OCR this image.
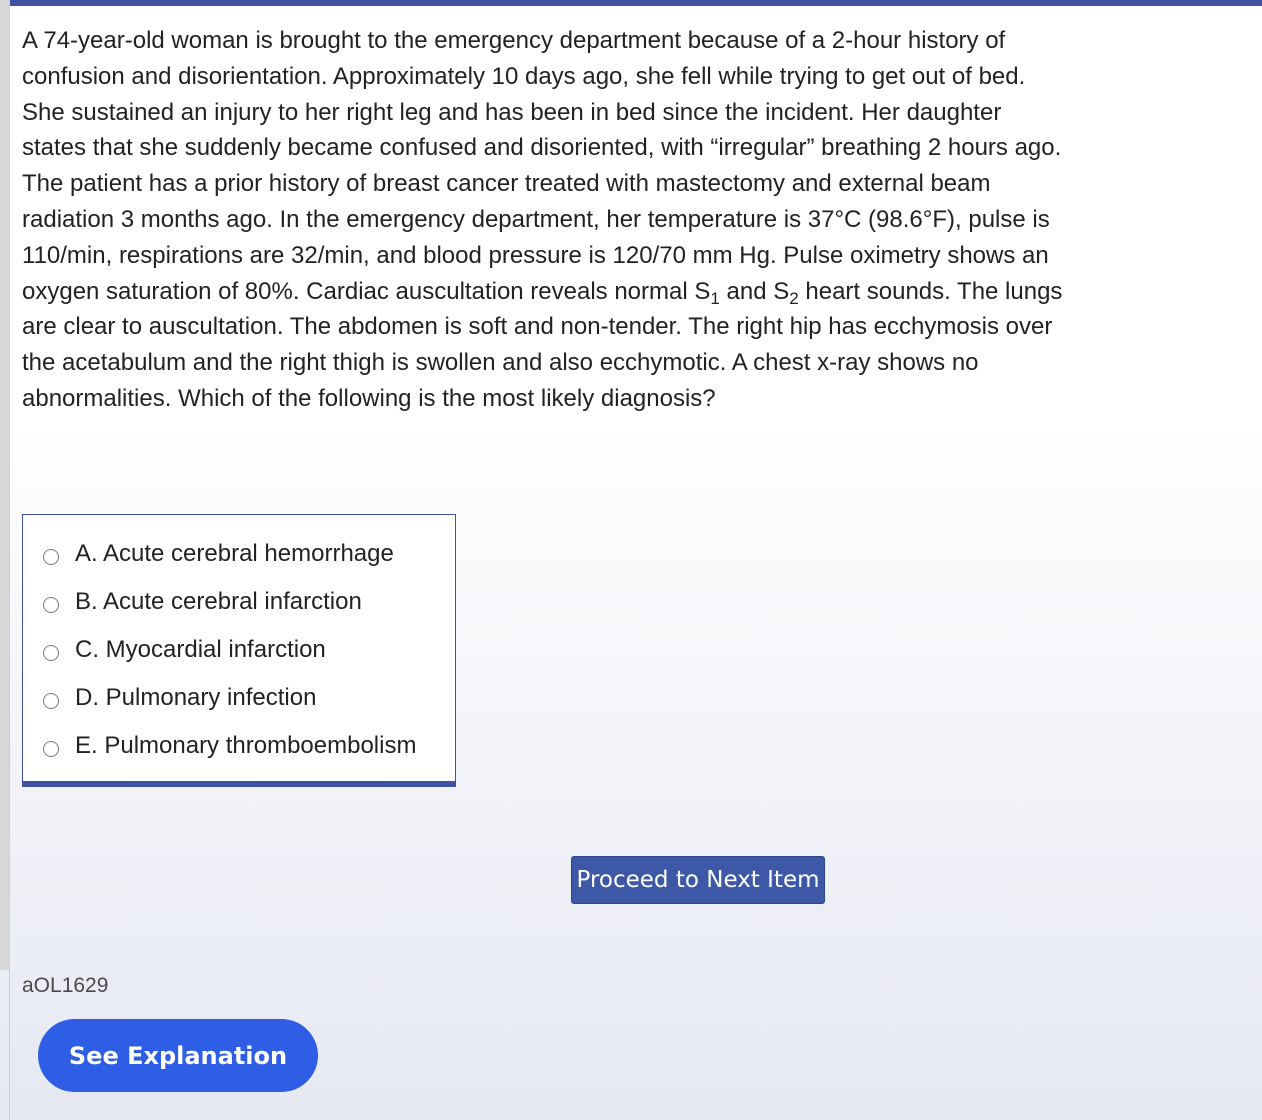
A 74-year-old woman is brought to the emergency department because of a 2-hour history of confusion and disorientation. Approximately 10 days ago, she fell while trying to get out of bed. She sustained an injury to her right leg and has been in bed since the incident. Her daughter states that she suddenly became confused and disoriented, with “irregular” breathing 2 hours ago. The patient has a prior history of breast cancer treated with mastectomy and external beam radiation 3 months ago. In the emergency department, her temperature is 37°C (98.6°F), pulse is 110/min, respirations are 32/min, and blood pressure is 120/70 mm Hg. Pulse oximetry shows an oxygen saturation of 80%. Cardiac auscultation reveals normal $S_1$ and $S_2$ heart sounds. The lungs are clear to auscultation. The abdomen is soft and non-tender. The right hip has ecchymosis over the acetabulum and the right thigh is swollen and also ecchymotic. A chest x-ray shows no abnormalities. Which of the following is the most likely diagnosis?
A. Acute cerebral hemorrhage
B. Acute cerebral infarction
C. Myocardial infarction
D. Pulmonary infection
E. Pulmonary thromboembolism
Proceed to Next Item
aOL1629
See Explanation
